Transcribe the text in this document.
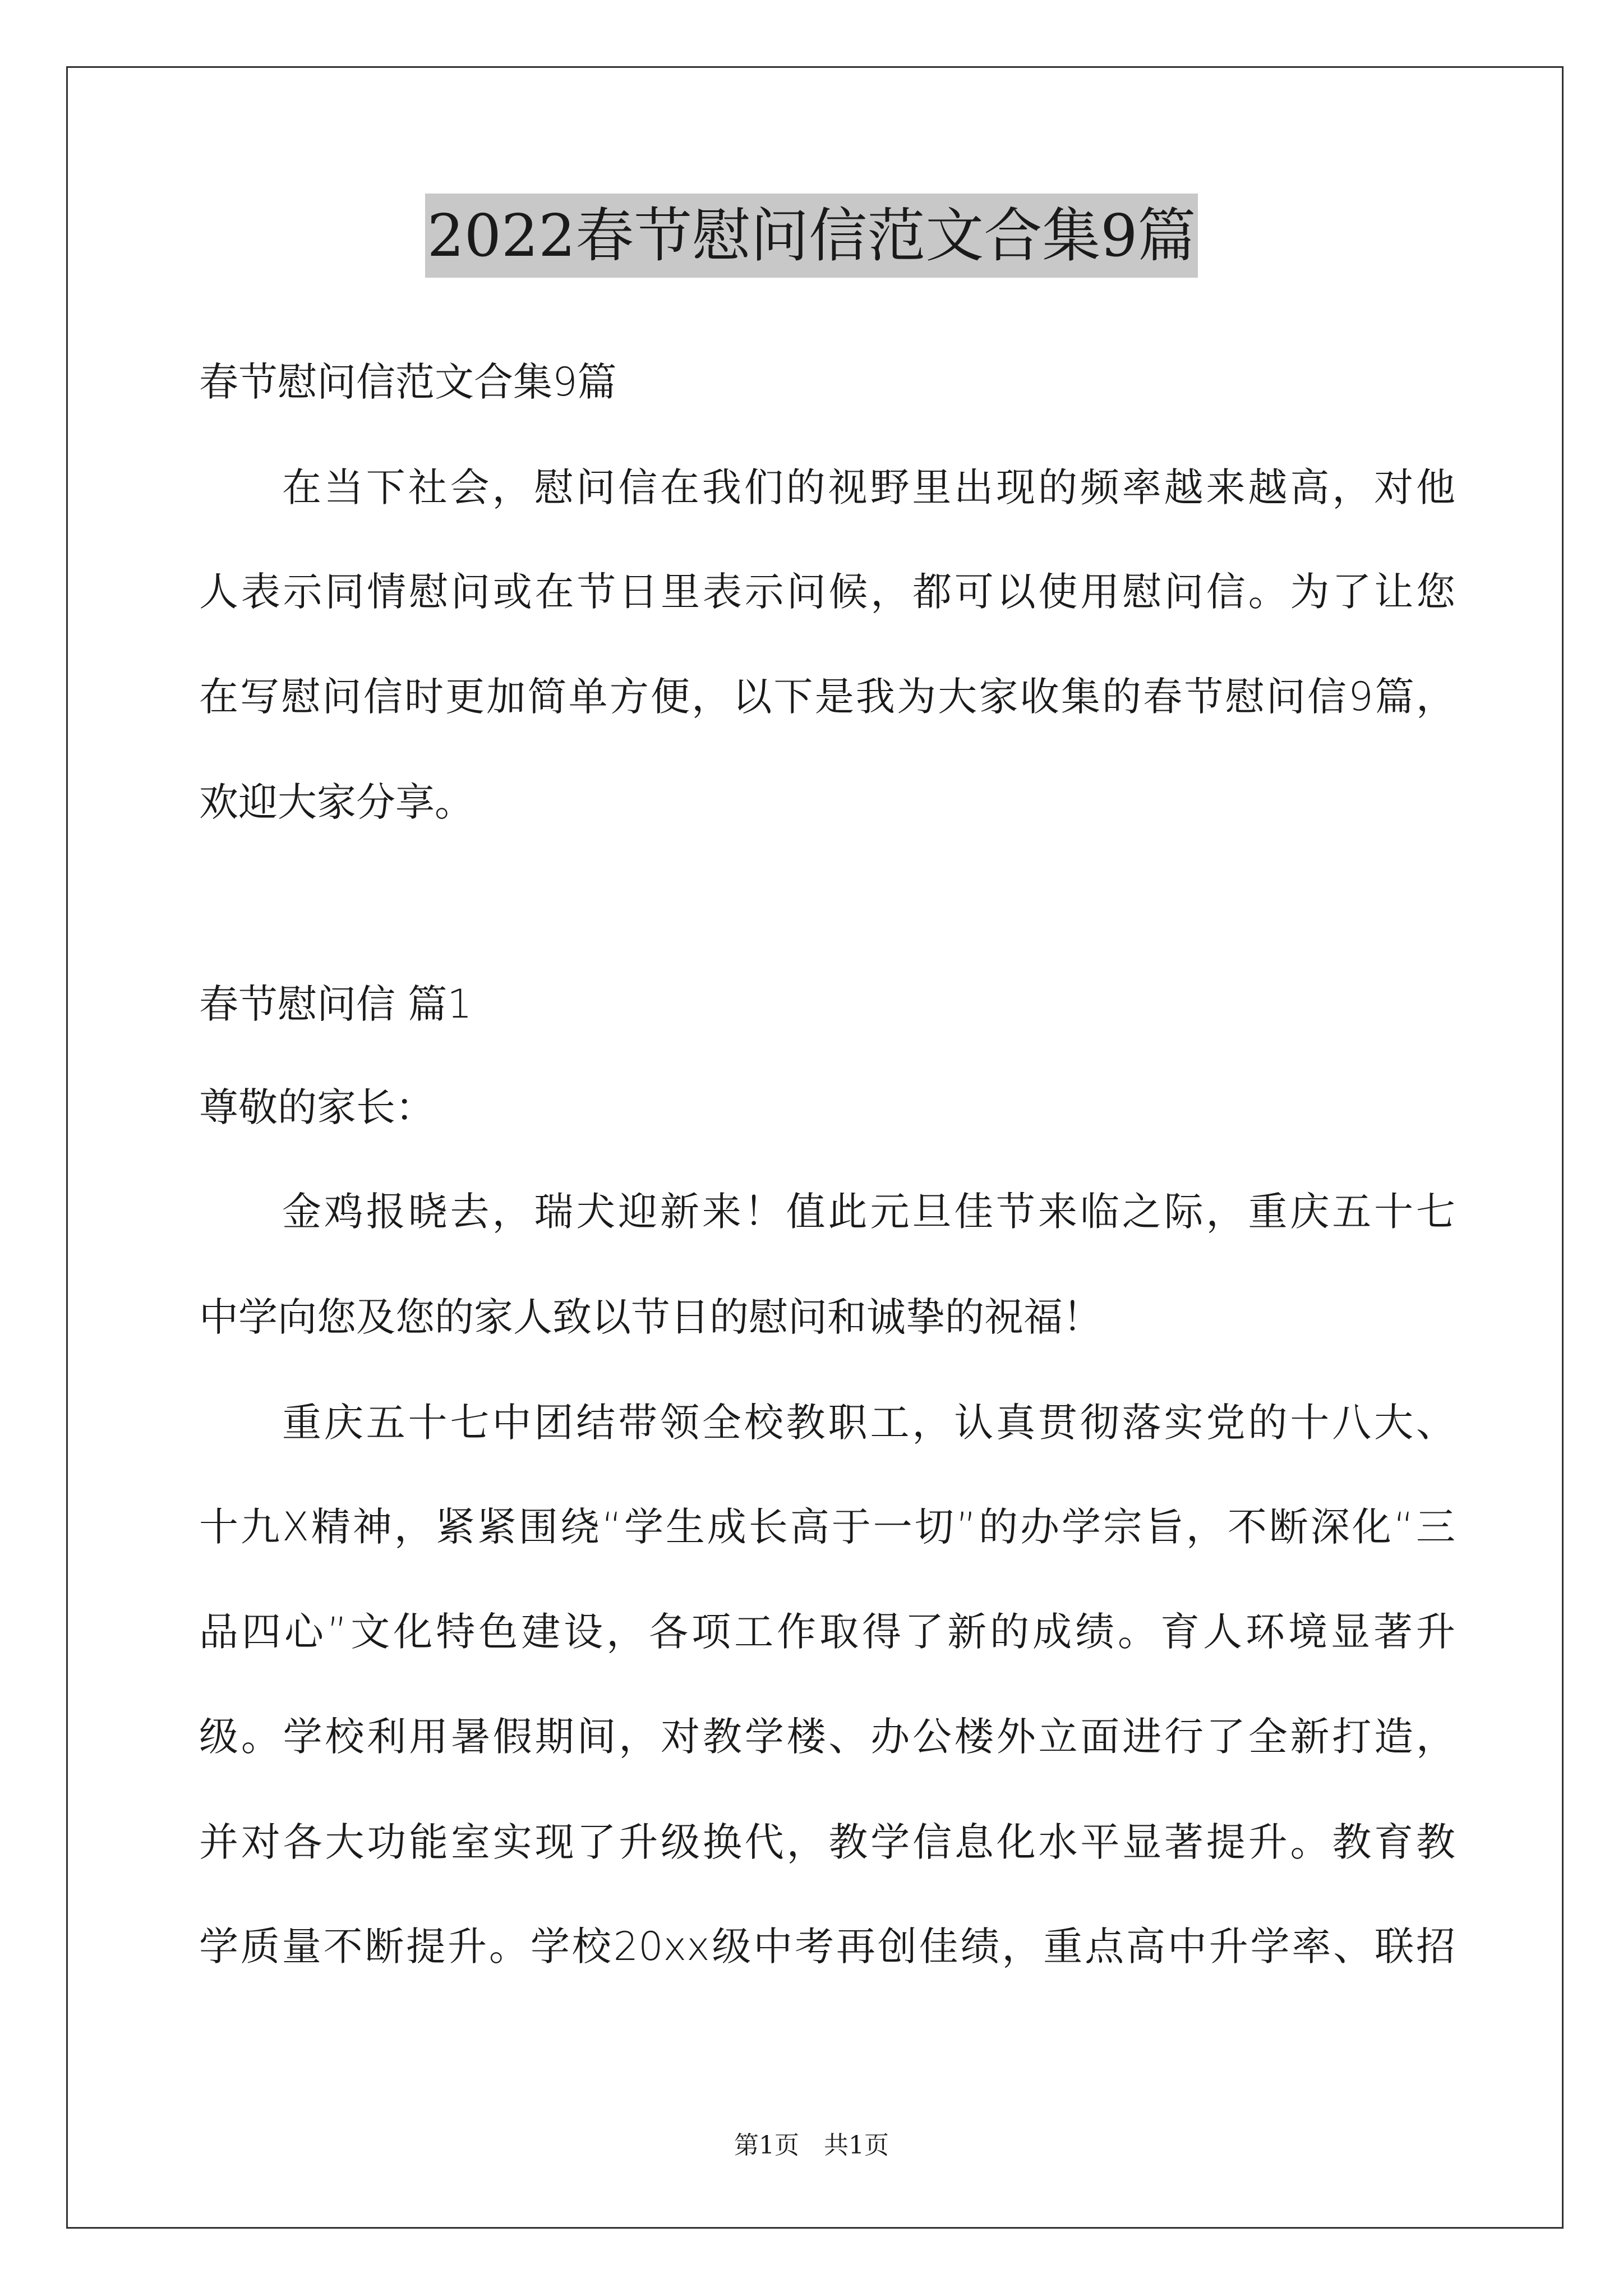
2022春节慰问信范文合集9篇
春节慰问信范文合集9篇
在当下社会，慰问信在我们的视野里出现的频率越来越高，对他
人表示同情慰问或在节日里表示问候，都可以使用慰问信。为了让您
在写慰问信时更加简单方便，以下是我为大家收集的春节慰问信9篇，
欢迎大家分享。
春节慰问信 篇1
尊敬的家长：
金鸡报晓去，瑞犬迎新来！值此元旦佳节来临之际，重庆五十七
中学向您及您的家人致以节日的慰问和诚挚的祝福！
重庆五十七中团结带领全校教职工，认真贯彻落实党的十八大、
十九X精神，紧紧围绕“学生成长高于一切”的办学宗旨，不断深化“三
品四心”文化特色建设，各项工作取得了新的成绩。育人环境显著升
级。学校利用暑假期间，对教学楼、办公楼外立面进行了全新打造，
并对各大功能室实现了升级换代，教学信息化水平显著提升。教育教
学质量不断提升。学校20xx级中考再创佳绩，重点高中升学率、联招
第1页　共1页
